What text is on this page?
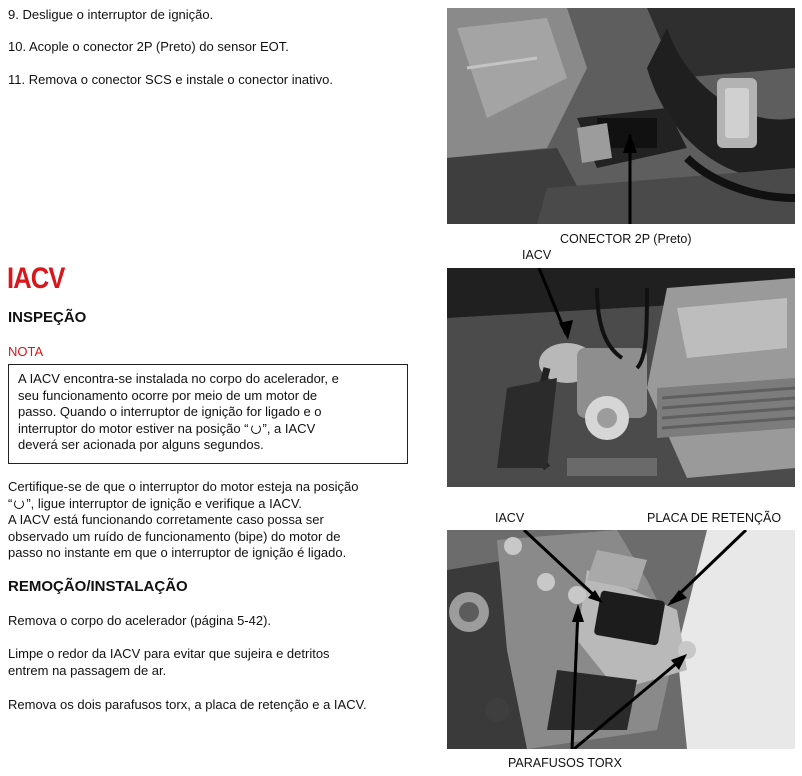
9. Desligue o interruptor de ignição.
10. Acople o conector 2P (Preto) do sensor EOT.
11. Remova o conector SCS e instale o conector inativo.
IACV
INSPEÇÃO
NOTA
A IACV encontra-se instalada no corpo do acelerador, e
seu funcionamento ocorre por meio de um motor de
passo. Quando o interruptor de ignição for ligado e o
interruptor do motor estiver na posição “ ”, a IACV
deverá ser acionada por alguns segundos.
Certifique-se de que o interruptor do motor esteja na posição
“ ”, ligue interruptor de ignição e verifique a IACV.
A IACV está funcionando corretamente caso possa ser
observado um ruído de funcionamento (bipe) do motor de
passo no instante em que o interruptor de ignição é ligado.
REMOÇÃO/INSTALAÇÃO
Remova o corpo do acelerador (página 5-42).
Limpe o redor da IACV para evitar que sujeira e detritos
entrem na passagem de ar.
Remova os dois parafusos torx, a placa de retenção e a IACV.
CONECTOR 2P (Preto)
IACV
IACV	PLACA DE RETENÇÃO
PARAFUSOS TORX
